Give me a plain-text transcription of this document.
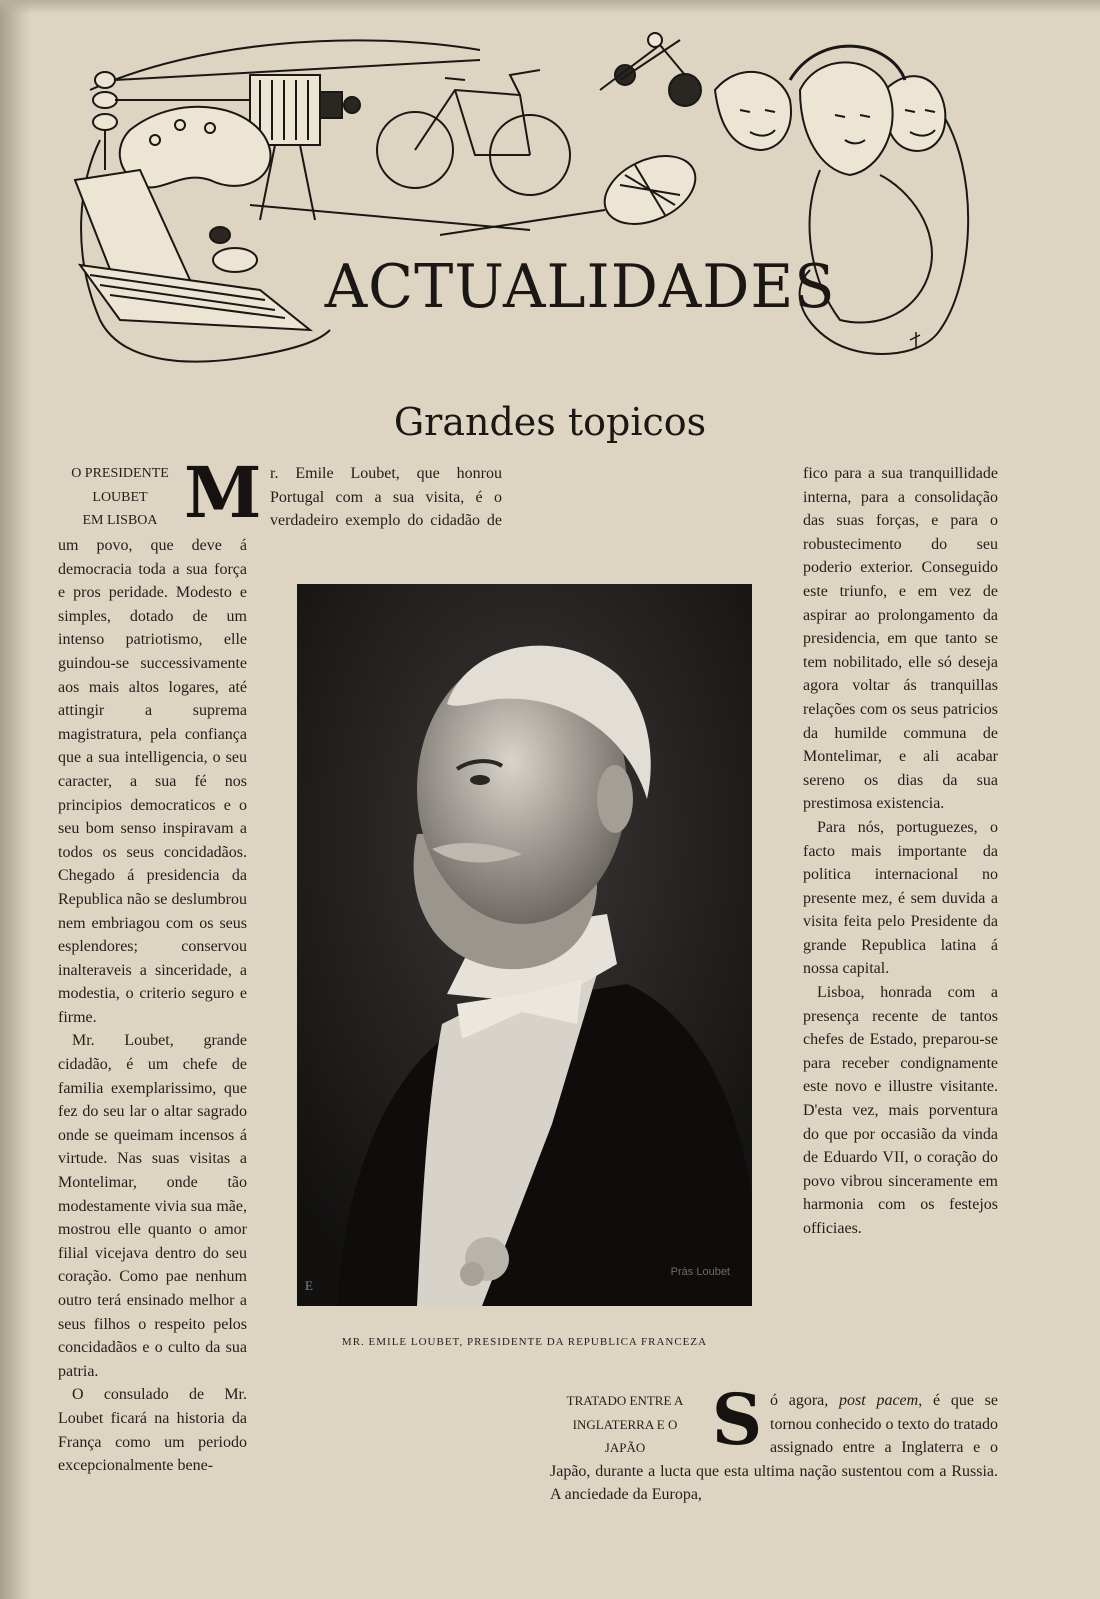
ACTUALIDADES
Grandes topicos
O PRESIDENTE
LOUBET
EM LISBOA M r. Emile Loubet, que honrou Portugal com a sua visita, é o verdadeiro exemplo do cidadão de um povo, que deve á democracia toda a sua força e pros peridade. Modesto e simples, dotado de um intenso patriotismo, elle guindou-se successivamente aos mais altos logares, até attingir a suprema magistratura, pela confiança que a sua intelligencia, o seu caracter, a sua fé nos principios democraticos e o seu bom senso inspiravam a todos os seus concidadãos. Chegado á presidencia da Republica não se deslumbrou nem embriagou com os seus esplendores; conservou inalteraveis a sinceridade, a modestia, o criterio seguro e firme.

Mr. Loubet, grande cidadão, é um chefe de familia exemplarissimo, que fez do seu lar o altar sagrado onde se queimam incensos á virtude. Nas suas visitas a Montelimar, onde tão modestamente vivia sua mãe, mostrou elle quanto o amor filial vicejava dentro do seu coração. Como pae nenhum outro terá ensinado melhor a seus filhos o respeito pelos concidadãos e o culto da sua patria.

O consulado de Mr. Loubet ficará na historia da França como um periodo excepcionalmente bene-

fico para a sua tranquillidade interna, para a consolidação das suas forças, e para o robustecimento do seu poderio exterior. Conseguido este triunfo, e em vez de aspirar ao prolongamento da presidencia, em que tanto se tem nobilitado, elle só deseja agora voltar ás tranquillas relações com os seus patricios da humilde communa de Montelimar, e ali acabar sereno os dias da sua prestimosa existencia.

Para nós, portuguezes, o facto mais importante da politica internacional no presente mez, é sem duvida a visita feita pelo Presidente da grande Republica latina á nossa capital.

Lisboa, honrada com a presença recente de tantos chefes de Estado, preparou-se para receber condignamente este novo e illustre visitante. D'esta vez, mais porventura do que por occasião da vinda de Eduardo VII, o coração do povo vibrou sinceramente em harmonia com os festejos officiaes.

E
Prás Loubet
MR. EMILE LOUBET, PRESIDENTE DA REPUBLICA FRANCEZA
TRATADO ENTRE A
INGLATERRA E O
JAPÃO S ó agora, post pacem, é que se tornou conhecido o texto do tratado assignado entre a Inglaterra e o Japão, durante a lucta que esta ultima nação sustentou com a Russia. A anciedade da Europa,
